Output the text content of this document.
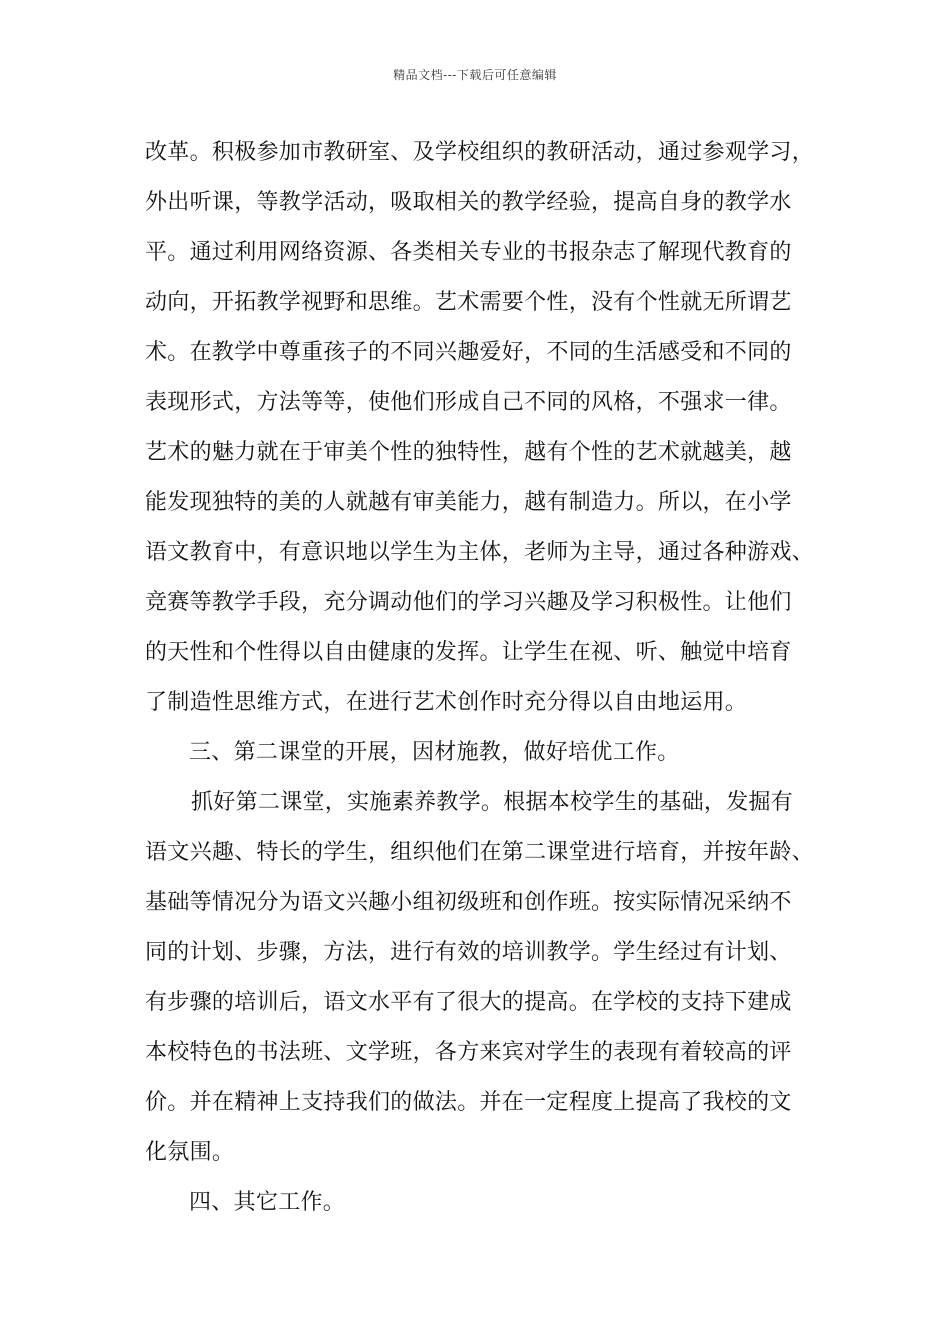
精品文档---下载后可任意编辑
改革。积极参加市教研室、及学校组织的教研活动，通过参观学习，
外出听课，等教学活动，吸取相关的教学经验，提高自身的教学水
平。通过利用网络资源、各类相关专业的书报杂志了解现代教育的
动向，开拓教学视野和思维。艺术需要个性，没有个性就无所谓艺
术。在教学中尊重孩子的不同兴趣爱好，不同的生活感受和不同的
表现形式，方法等等，使他们形成自己不同的风格，不强求一律。
艺术的魅力就在于审美个性的独特性，越有个性的艺术就越美，越
能发现独特的美的人就越有审美能力，越有制造力。所以，在小学
语文教育中，有意识地以学生为主体，老师为主导，通过各种游戏、
竞赛等教学手段，充分调动他们的学习兴趣及学习积极性。让他们
的天性和个性得以自由健康的发挥。让学生在视、听、触觉中培育
了制造性思维方式，在进行艺术创作时充分得以自由地运用。
三、第二课堂的开展，因材施教，做好培优工作。
抓好第二课堂，实施素养教学。根据本校学生的基础，发掘有
语文兴趣、特长的学生，组织他们在第二课堂进行培育，并按年龄、
基础等情况分为语文兴趣小组初级班和创作班。按实际情况采纳不
同的计划、步骤，方法，进行有效的培训教学。学生经过有计划、
有步骤的培训后，语文水平有了很大的提高。在学校的支持下建成
本校特色的书法班、文学班，各方来宾对学生的表现有着较高的评
价。并在精神上支持我们的做法。并在一定程度上提高了我校的文
化氛围。
四、其它工作。
